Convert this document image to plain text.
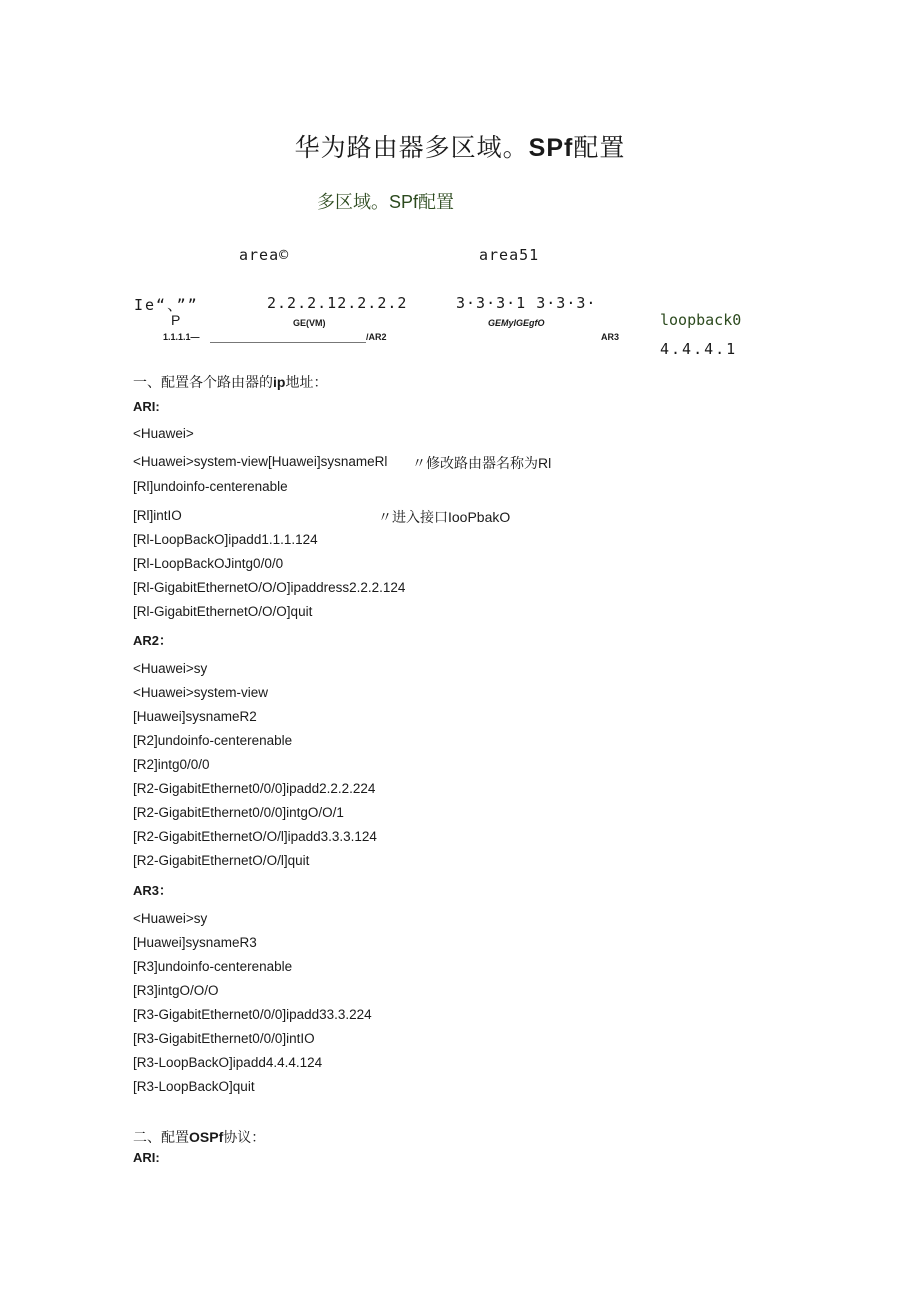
华为路由器多区域。SPf配置
多区域。SPf配置
area©	area51
Ie“、””	2.2.2.12.2.2.2	3·3·3·1 3·3·3·
P	GE(VM)	GEMylGEgfO	loopback0
1.1.1.1—	/AR2	AR3
4.4.4.1
一、配置各个路由器的ip地址：
ARI:
<Huawei>
<Huawei>system-view[Huawei]sysnameRl 〃修改路由器名称为Rl
[Rl]undoinfo-centerenable
[Rl]intIO	〃进入接口IooPbakO
[Rl-LoopBackO]ipadd1.1.1.124
[Rl-LoopBackOJintg0/0/0
[Rl-GigabitEthernetO/O/O]ipaddress2.2.2.124
[Rl-GigabitEthernetO/O/O]quit
AR2：
<Huawei>sy
<Huawei>system-view
[Huawei]sysnameR2
[R2]undoinfo-centerenable
[R2]intg0/0/0
[R2-GigabitEthernet0/0/0]ipadd2.2.2.224
[R2-GigabitEthernet0/0/0]intgO/O/1
[R2-GigabitEthernetO/O/l]ipadd3.3.3.124
[R2-GigabitEthernetO/O/l]quit
AR3：
<Huawei>sy
[Huawei]sysnameR3
[R3]undoinfo-centerenable
[R3]intgO/O/O
[R3-GigabitEthernet0/0/0]ipadd33.3.224
[R3-GigabitEthernet0/0/0]intIO
[R3-LoopBackO]ipadd4.4.4.124
[R3-LoopBackO]quit
二、配置OSPf协议：
ARI:
